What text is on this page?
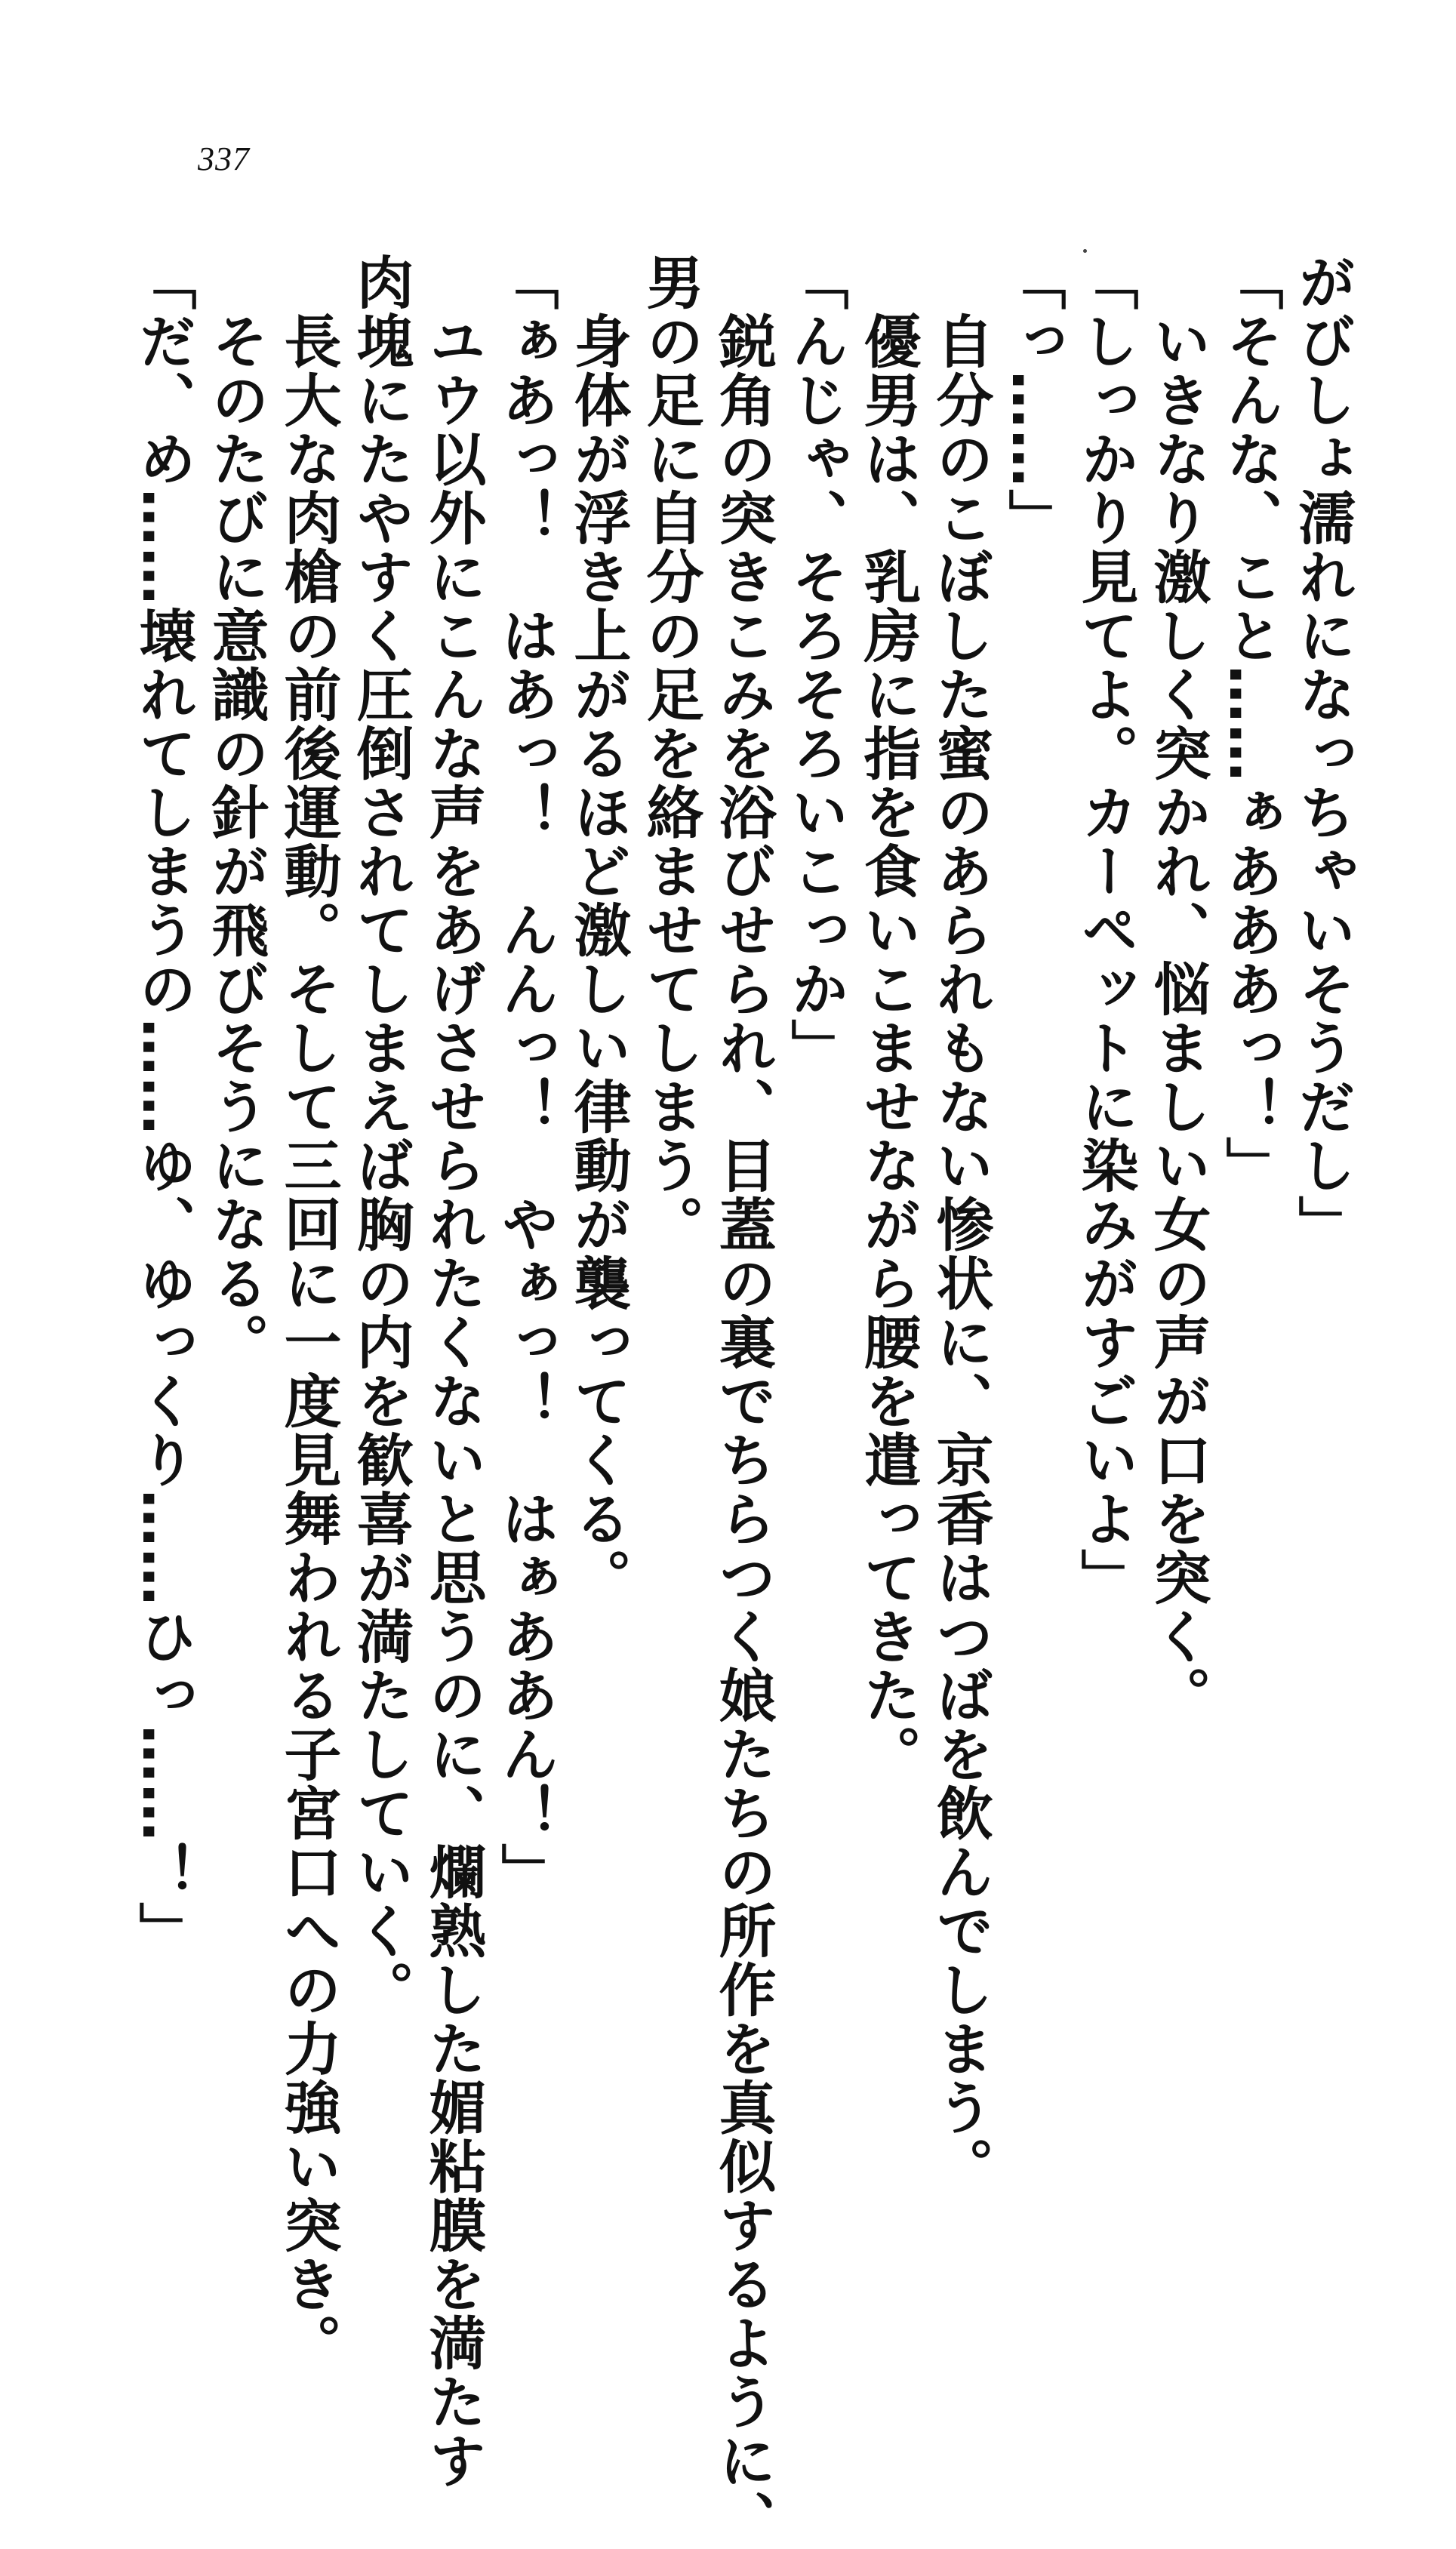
337
がびしょ濡れになっちゃいそうだし」
「そんな、こと……ぁあああっ！」
　いきなり激しく突かれ、悩ましい女の声が口を突く。
「しっかり見てよ。カーペットに染みがすごいよ」
「っ……」
　自分のこぼした蜜のあられもない惨状に、京香はつばを飲んでしまう。
　優男は、乳房に指を食いこませながら腰を遣ってきた。
「んじゃ、そろそろいこっか」
　鋭角の突きこみを浴びせられ、目蓋の裏でちらつく娘たちの所作を真似するように、
男の足に自分の足を絡ませてしまう。
　身体が浮き上がるほど激しい律動が襲ってくる。
「ぁあっ！　はあっ！　んんっ！　やぁっ！　はぁああん！」
　ユウ以外にこんな声をあげさせられたくないと思うのに、爛熟した媚粘膜を満たす
肉塊にたやすく圧倒されてしまえば胸の内を歓喜が満たしていく。
　長大な肉槍の前後運動。そして三回に一度見舞われる子宮口への力強い突き。
　そのたびに意識の針が飛びそうになる。
「だ、め……壊れてしまうの……ゆ、ゆっくり……ひっ……！」
